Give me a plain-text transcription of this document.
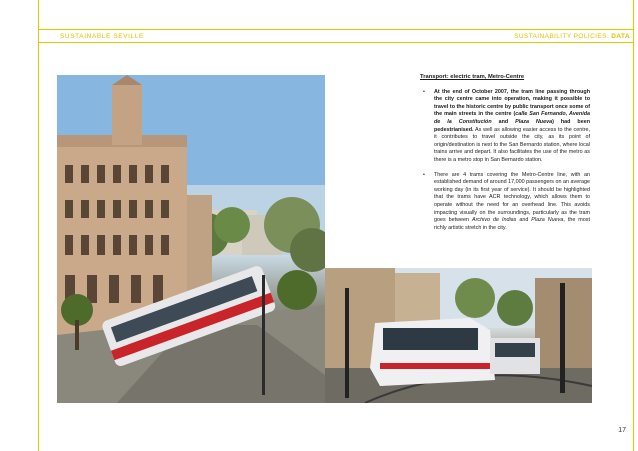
SUSTAINABLE SEVILLE	SUSTAINABILITY POLICIES. DATA
Transport: electric tram, Metro-Centre
• At the end of October 2007, the tram line passing through the city centre came into operation, making it possible to travel to the historic centre by public transport once some of the main streets in the centre (calle San Fernando, Avenida de la Constitución and Plaza Nueva) had been pedestrianised. As well as allowing easier access to the centre, it contributes to travel outside the city, as its point of origin/destination is next to the San Bernardo station, where local trains arrive and depart. It also facilitates the use of the metro as there is a metro stop in San Bernardo station.
• There are 4 trams covering the Metro-Centre line, with an established demand of around 17,000 passengers on an average working day (in its first year of service). It should be highlighted that the trams have ACR technology, which allows them to operate without the need for an overhead line. This avoids impacting visually on the surroundings, particularly as the tram goes between Archivo de Indias and Plaza Nueva, the most richly artistic stretch in the city.
17
